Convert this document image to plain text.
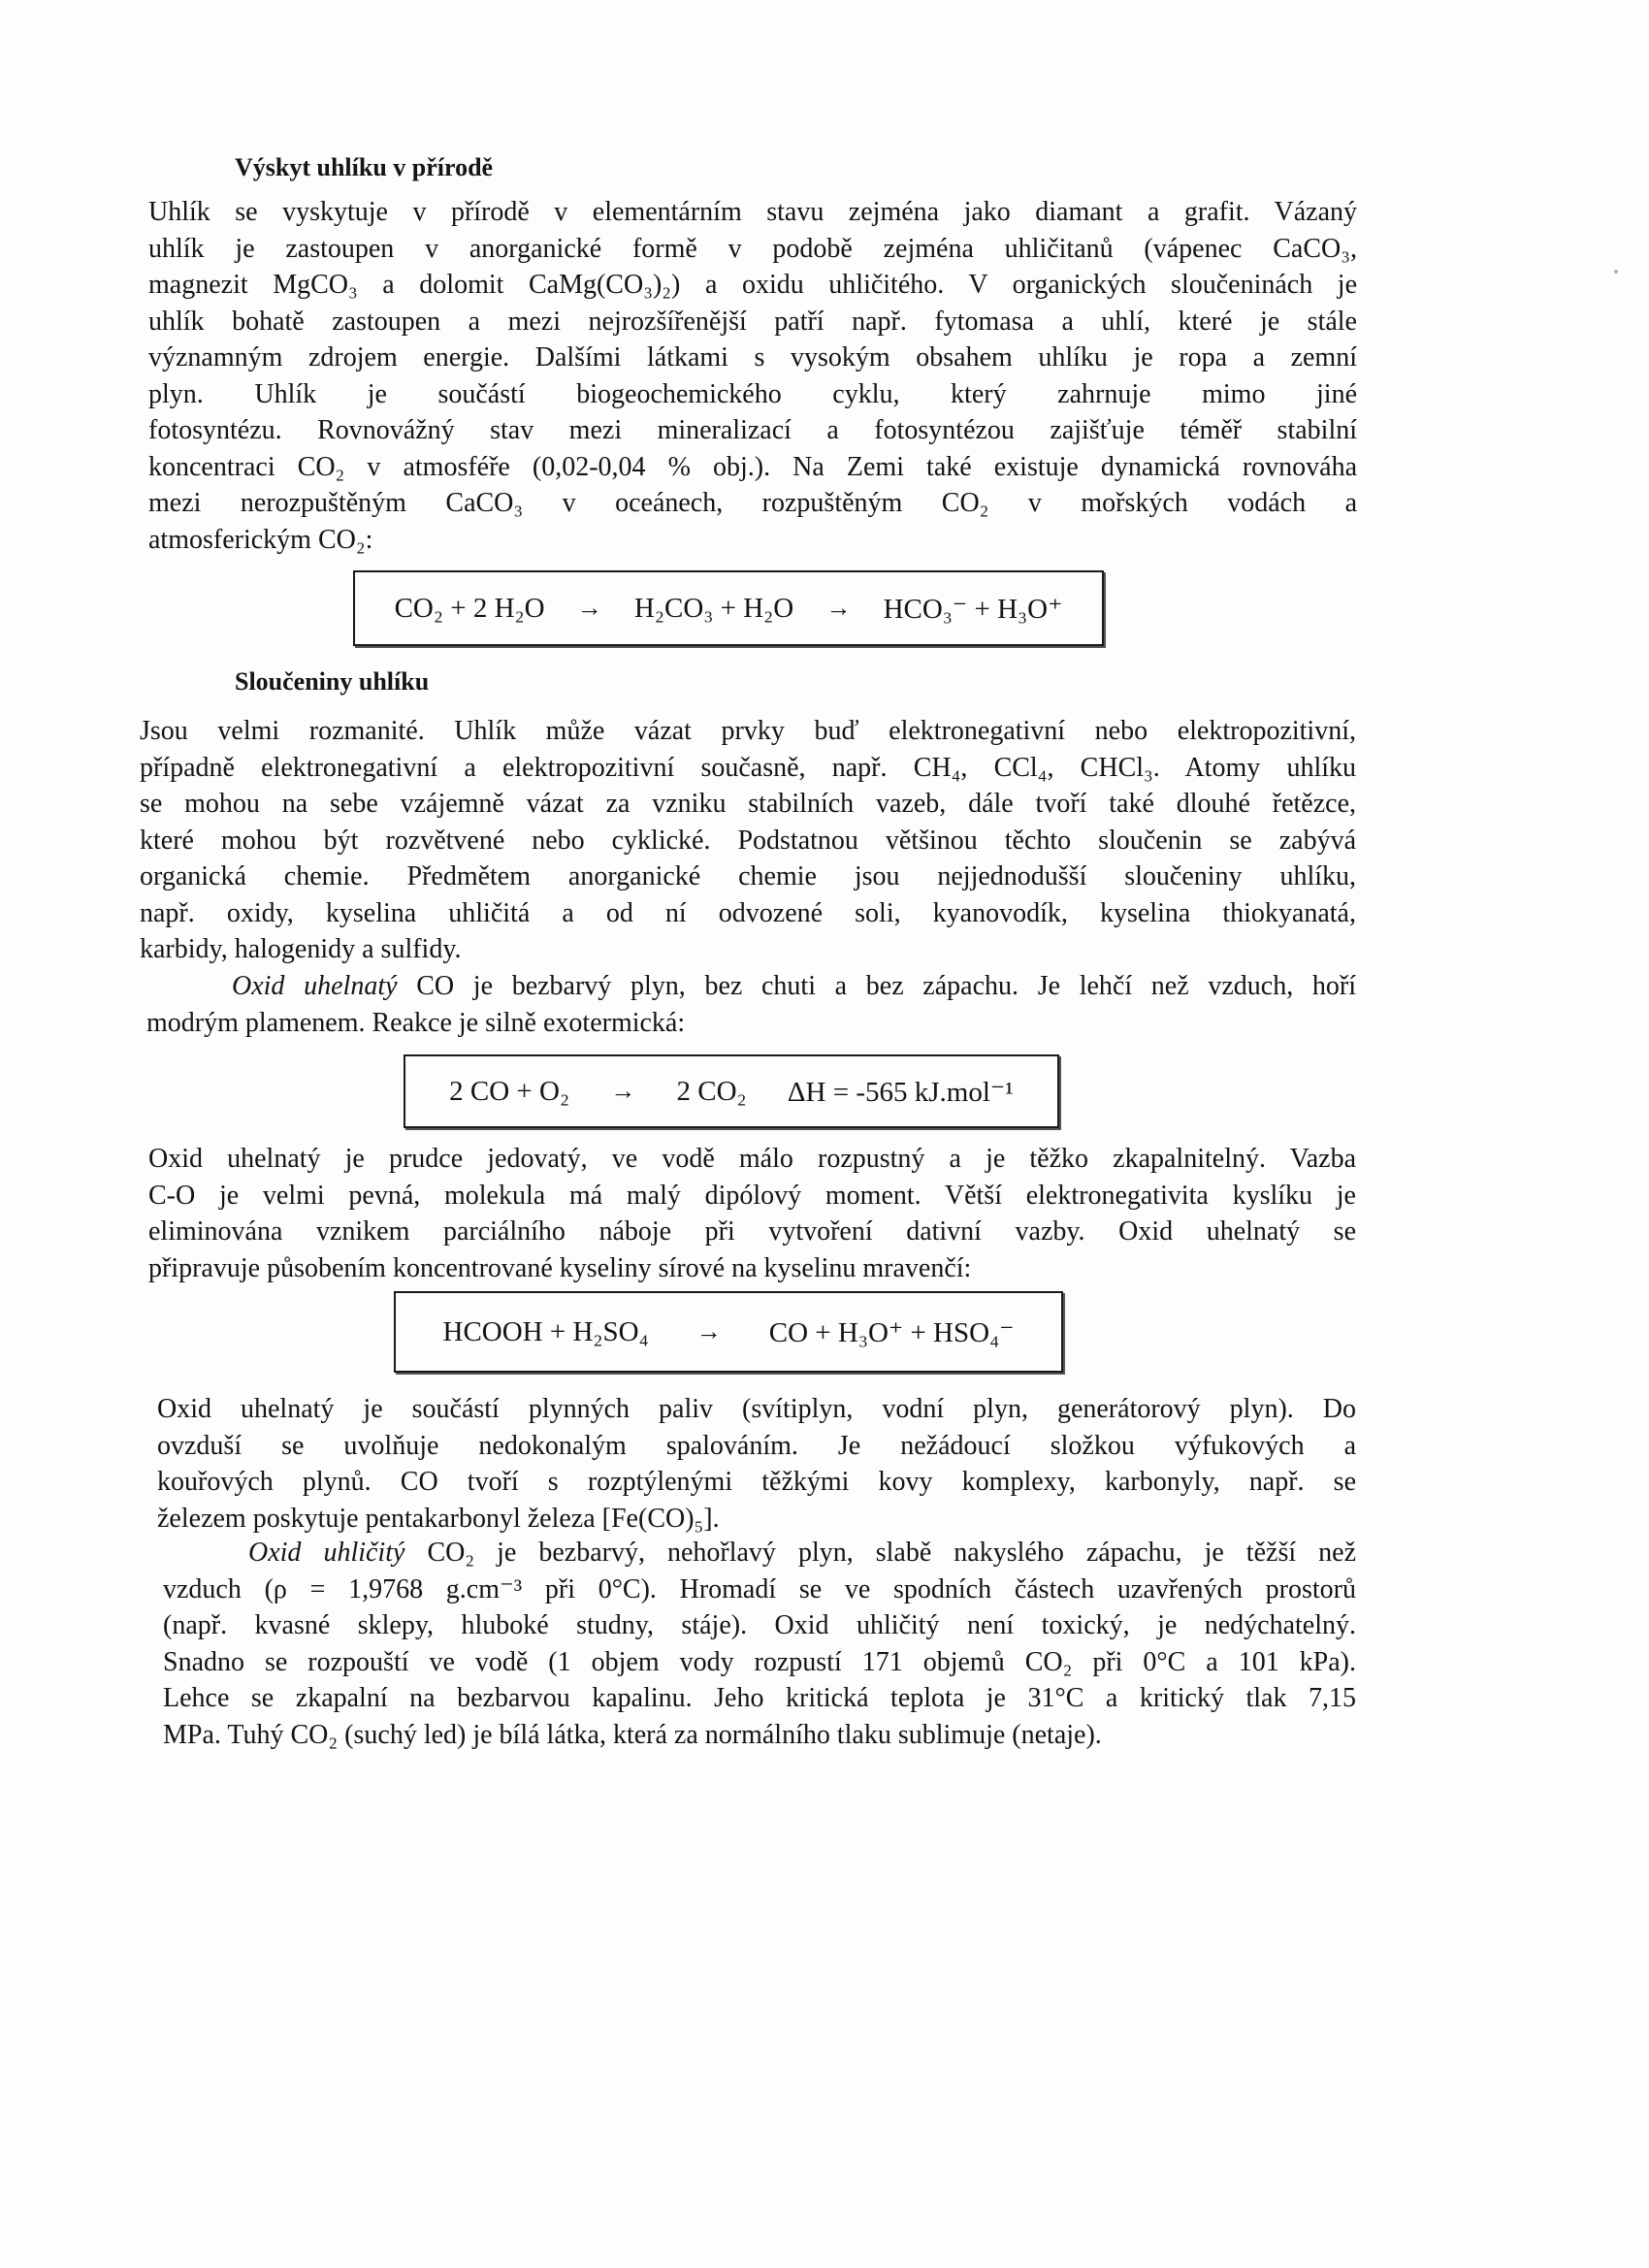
Výskyt uhlíku v přírodě
Uhlík se vyskytuje v přírodě v elementárním stavu zejména jako diamant a grafit. Vázaný
uhlík je zastoupen v anorganické formě v podobě zejména uhličitanů (vápenec CaCO₃,
magnezit MgCO₃ a dolomit CaMg(CO₃)₂) a oxidu uhličitého. V organických sloučeninách je
uhlík bohatě zastoupen a mezi nejrozšířenější patří např. fytomasa a uhlí, které je stále
významným zdrojem energie. Dalšími látkami s vysokým obsahem uhlíku je ropa a zemní
plyn. Uhlík je součástí biogeochemického cyklu, který zahrnuje mimo jiné
fotosyntézu. Rovnovážný stav mezi mineralizací a fotosyntézou zajišťuje téměř stabilní
koncentraci CO₂ v atmosféře (0,02-0,04 % obj.). Na Zemi také existuje dynamická rovnováha
mezi nerozpuštěným CaCO₃ v oceánech, rozpuštěným CO₂ v mořských vodách a
atmosferickým CO₂:
CO₂ + 2 H₂O → H₂CO₃ + H₂O → HCO₃⁻ + H₃O⁺
Sloučeniny uhlíku
Jsou velmi rozmanité. Uhlík může vázat prvky buď elektronegativní nebo elektropozitivní,
případně elektronegativní a elektropozitivní současně, např. CH₄, CCl₄, CHCl₃. Atomy uhlíku
se mohou na sebe vzájemně vázat za vzniku stabilních vazeb, dále tvoří také dlouhé řetězce,
které mohou být rozvětvené nebo cyklické. Podstatnou většinou těchto sloučenin se zabývá
organická chemie. Předmětem anorganické chemie jsou nejjednodušší sloučeniny uhlíku,
např. oxidy, kyselina uhličitá a od ní odvozené soli, kyanovodík, kyselina thiokyanatá,
karbidy, halogenidy a sulfidy.
Oxid uhelnatý CO je bezbarvý plyn, bez chuti a bez zápachu. Je lehčí než vzduch, hoří
modrým plamenem. Reakce je silně exotermická:
2 CO + O₂ → 2 CO₂ ΔH = -565 kJ.mol⁻¹
Oxid uhelnatý je prudce jedovatý, ve vodě málo rozpustný a je těžko zkapalnitelný. Vazba
C-O je velmi pevná, molekula má malý dipólový moment. Větší elektronegativita kyslíku je
eliminována vznikem parciálního náboje při vytvoření dativní vazby. Oxid uhelnatý se
připravuje působením koncentrované kyseliny sírové na kyselinu mravenčí:
HCOOH + H₂SO₄ → CO + H₃O⁺ + HSO₄⁻
Oxid uhelnatý je součástí plynných paliv (svítiplyn, vodní plyn, generátorový plyn). Do
ovzduší se uvolňuje nedokonalým spalováním. Je nežádoucí složkou výfukových a
kouřových plynů. CO tvoří s rozptýlenými těžkými kovy komplexy, karbonyly, např. se
železem poskytuje pentakarbonyl železa [Fe(CO)₅].
Oxid uhličitý CO₂ je bezbarvý, nehořlavý plyn, slabě nakyslého zápachu, je těžší než
vzduch (ρ = 1,9768 g.cm⁻³ při 0°C). Hromadí se ve spodních částech uzavřených prostorů
(např. kvasné sklepy, hluboké studny, stáje). Oxid uhličitý není toxický, je nedýchatelný.
Snadno se rozpouští ve vodě (1 objem vody rozpustí 171 objemů CO₂ při 0°C a 101 kPa).
Lehce se zkapalní na bezbarvou kapalinu. Jeho kritická teplota je 31°C a kritický tlak 7,15
MPa. Tuhý CO₂ (suchý led) je bílá látka, která za normálního tlaku sublimuje (netaje).
